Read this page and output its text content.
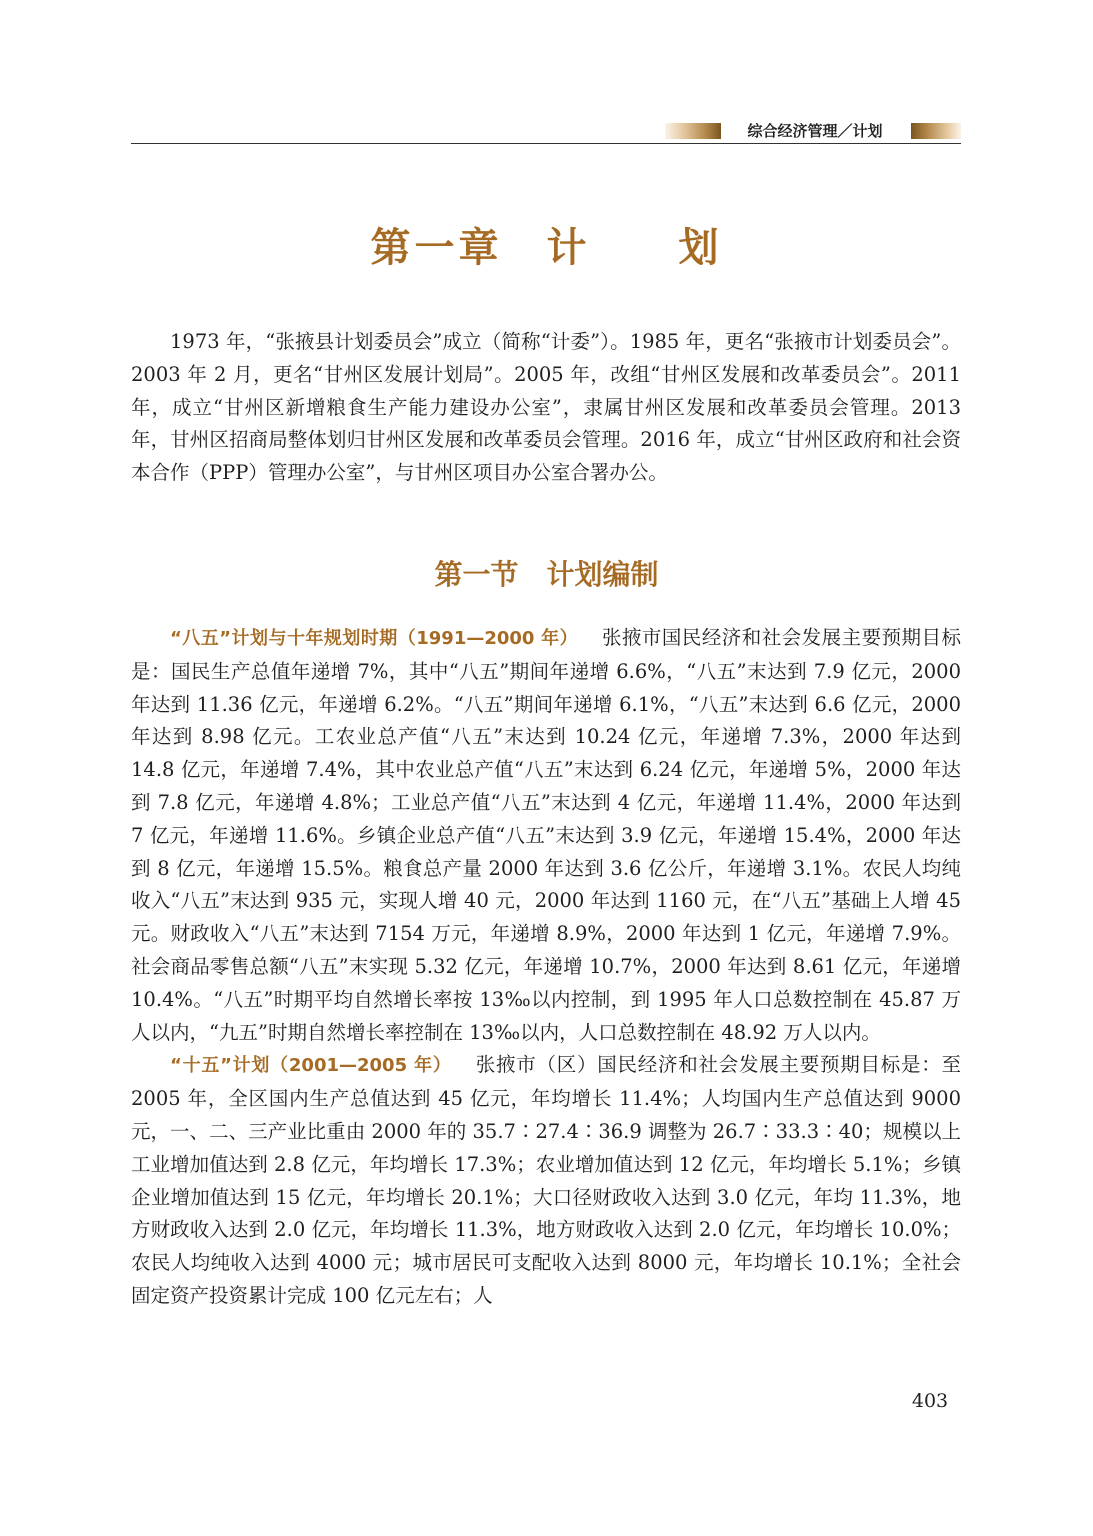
综合经济管理／计划
第一章　计　　划

1973 年，“张掖县计划委员会”成立（简称“计委”）。1985 年，更名“张掖市计划委员会”。2003 年 2 月，更名“甘州区发展计划局”。2005 年，改组“甘州区发展和改革委员会”。2011 年，成立“甘州区新增粮食生产能力建设办公室”，隶属甘州区发展和改革委员会管理。2013 年，甘州区招商局整体划归甘州区发展和改革委员会管理。2016 年，成立“甘州区政府和社会资本合作（PPP）管理办公室”，与甘州区项目办公室合署办公。

第一节　计划编制

“八五”计划与十年规划时期（1991—2000 年） 张掖市国民经济和社会发展主要预期目标是：国民生产总值年递增 7%，其中“八五”期间年递增 6.6%，“八五”末达到 7.9 亿元，2000 年达到 11.36 亿元，年递增 6.2%。“八五”期间年递增 6.1%，“八五”末达到 6.6 亿元，2000 年达到 8.98 亿元。工农业总产值“八五”末达到 10.24 亿元，年递增 7.3%，2000 年达到 14.8 亿元，年递增 7.4%，其中农业总产值“八五”末达到 6.24 亿元，年递增 5%，2000 年达到 7.8 亿元，年递增 4.8%；工业总产值“八五”末达到 4 亿元，年递增 11.4%，2000 年达到 7 亿元，年递增 11.6%。乡镇企业总产值“八五”末达到 3.9 亿元，年递增 15.4%，2000 年达到 8 亿元，年递增 15.5%。粮食总产量 2000 年达到 3.6 亿公斤，年递增 3.1%。农民人均纯收入“八五”末达到 935 元，实现人增 40 元，2000 年达到 1160 元，在“八五”基础上人增 45 元。财政收入“八五”末达到 7154 万元，年递增 8.9%，2000 年达到 1 亿元，年递增 7.9%。社会商品零售总额“八五”末实现 5.32 亿元，年递增 10.7%，2000 年达到 8.61 亿元，年递增 10.4%。“八五”时期平均自然增长率按 13‰以内控制，到 1995 年人口总数控制在 45.87 万人以内，“九五”时期自然增长率控制在 13‰以内，人口总数控制在 48.92 万人以内。

“十五”计划（2001—2005 年） 张掖市（区）国民经济和社会发展主要预期目标是：至 2005 年，全区国内生产总值达到 45 亿元，年均增长 11.4%；人均国内生产总值达到 9000 元，一、二、三产业比重由 2000 年的 35.7∶27.4∶36.9 调整为 26.7∶33.3∶40；规模以上工业增加值达到 2.8 亿元，年均增长 17.3%；农业增加值达到 12 亿元，年均增长 5.1%；乡镇企业增加值达到 15 亿元，年均增长 20.1%；大口径财政收入达到 3.0 亿元，年均 11.3%，地方财政收入达到 2.0 亿元，年均增长 11.3%，地方财政收入达到 2.0 亿元，年均增长 10.0%；农民人均纯收入达到 4000 元；城市居民可支配收入达到 8000 元，年均增长 10.1%；全社会固定资产投资累计完成 100 亿元左右；人

403
